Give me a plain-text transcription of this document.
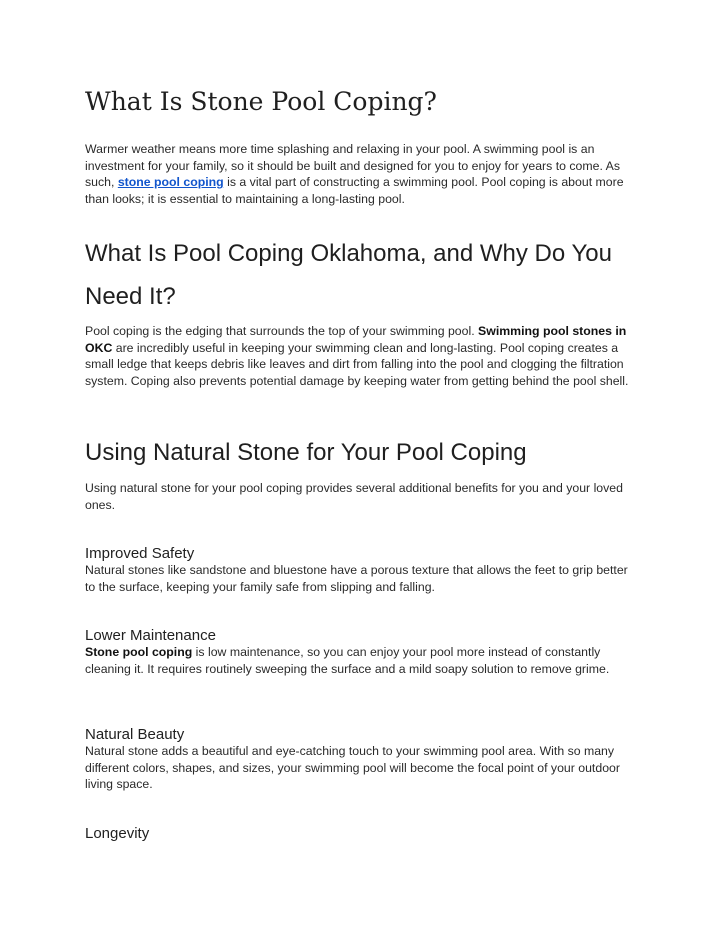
What Is Stone Pool Coping?

Warmer weather means more time splashing and relaxing in your pool. A swimming pool is an investment for your family, so it should be built and designed for you to enjoy for years to come. As such, stone pool coping is a vital part of constructing a swimming pool. Pool coping is about more than looks; it is essential to maintaining a long-lasting pool.

What Is Pool Coping Oklahoma, and Why Do You Need It?

Pool coping is the edging that surrounds the top of your swimming pool. Swimming pool stones in OKC are incredibly useful in keeping your swimming clean and long-lasting. Pool coping creates a small ledge that keeps debris like leaves and dirt from falling into the pool and clogging the filtration system. Coping also prevents potential damage by keeping water from getting behind the pool shell.

Using Natural Stone for Your Pool Coping

Using natural stone for your pool coping provides several additional benefits for you and your loved ones.

Improved Safety

Natural stones like sandstone and bluestone have a porous texture that allows the feet to grip better to the surface, keeping your family safe from slipping and falling.

Lower Maintenance

Stone pool coping is low maintenance, so you can enjoy your pool more instead of constantly cleaning it. It requires routinely sweeping the surface and a mild soapy solution to remove grime.

Natural Beauty

Natural stone adds a beautiful and eye-catching touch to your swimming pool area. With so many different colors, shapes, and sizes, your swimming pool will become the focal point of your outdoor living space.

Longevity
